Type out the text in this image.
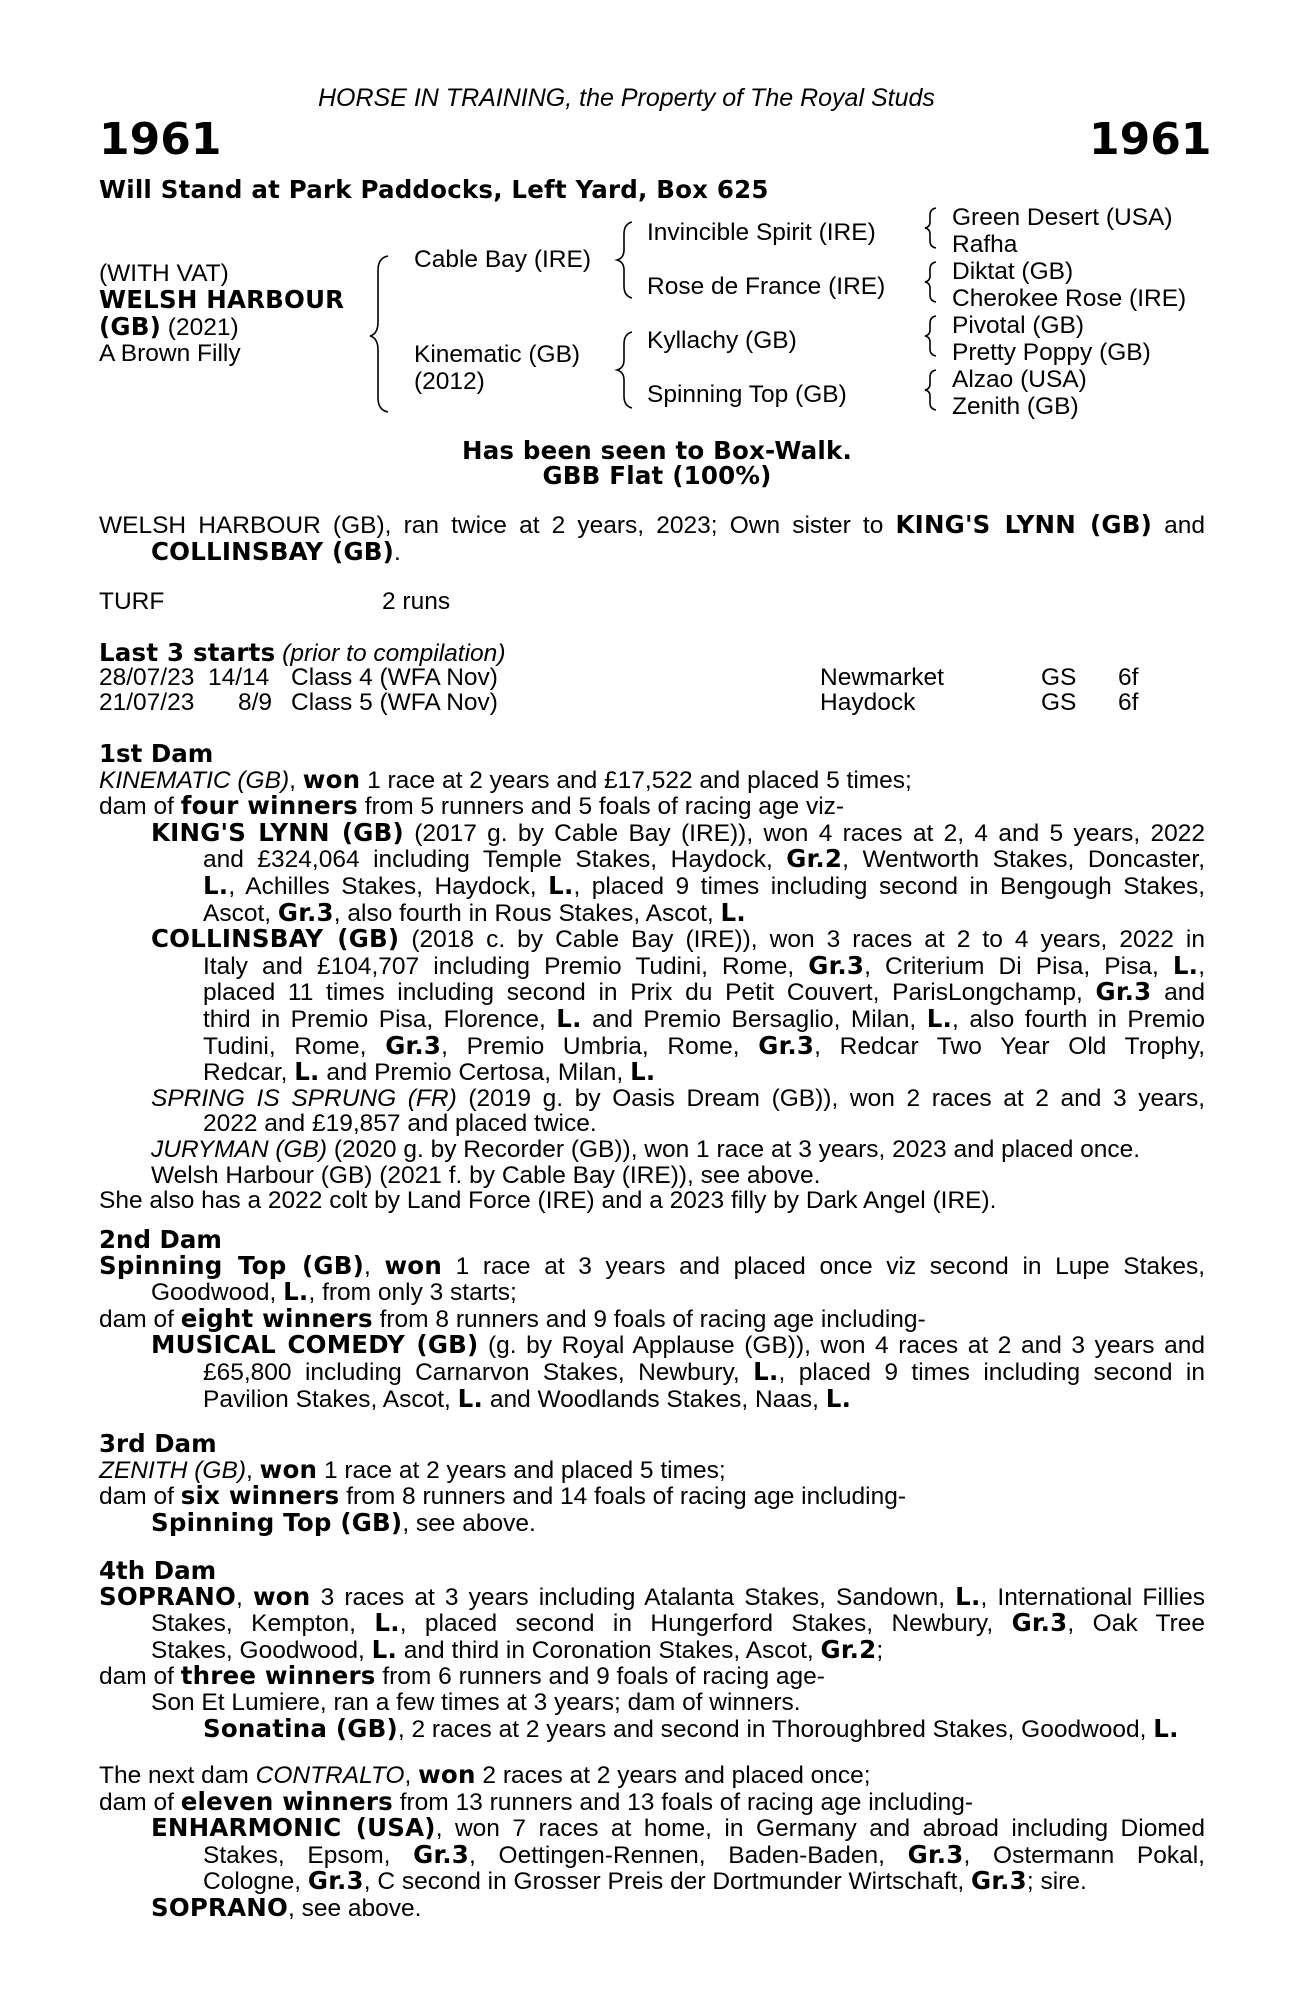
HORSE IN TRAINING, the Property of The Royal Studs
1961	1961
Will Stand at Park Paddocks, Left Yard, Box 625
(WITH VAT)
WELSH HARBOUR
(GB) (2021)
A Brown Filly
Cable Bay (IRE)
Kinematic (GB)
(2012)
Invincible Spirit (IRE)
Rose de France (IRE)
Kyllachy (GB)
Spinning Top (GB)
Green Desert (USA)
Rafha
Diktat (GB)
Cherokee Rose (IRE)
Pivotal (GB)
Pretty Poppy (GB)
Alzao (USA)
Zenith (GB)
Has been seen to Box-Walk.
GBB Flat (100%)
WELSH HARBOUR (GB), ran twice at 2 years, 2023; Own sister to KING'S LYNN (GB) and
COLLINSBAY (GB).
TURF	2 runs
Last 3 starts (prior to compilation)
28/07/23 14/14 Class 4 (WFA Nov)	Newmarket	GS 6f
21/07/23 8/9 Class 5 (WFA Nov)	Haydock	GS 6f
1st Dam
KINEMATIC (GB), won 1 race at 2 years and £17,522 and placed 5 times;
dam of four winners from 5 runners and 5 foals of racing age viz-
KING'S LYNN (GB) (2017 g. by Cable Bay (IRE)), won 4 races at 2, 4 and 5 years, 2022
and £324,064 including Temple Stakes, Haydock, Gr.2, Wentworth Stakes, Doncaster,
L., Achilles Stakes, Haydock, L., placed 9 times including second in Bengough Stakes,
Ascot, Gr.3, also fourth in Rous Stakes, Ascot, L.
COLLINSBAY (GB) (2018 c. by Cable Bay (IRE)), won 3 races at 2 to 4 years, 2022 in
Italy and £104,707 including Premio Tudini, Rome, Gr.3, Criterium Di Pisa, Pisa, L.,
placed 11 times including second in Prix du Petit Couvert, ParisLongchamp, Gr.3 and
third in Premio Pisa, Florence, L. and Premio Bersaglio, Milan, L., also fourth in Premio
Tudini, Rome, Gr.3, Premio Umbria, Rome, Gr.3, Redcar Two Year Old Trophy,
Redcar, L. and Premio Certosa, Milan, L.
SPRING IS SPRUNG (FR) (2019 g. by Oasis Dream (GB)), won 2 races at 2 and 3 years,
2022 and £19,857 and placed twice.
JURYMAN (GB) (2020 g. by Recorder (GB)), won 1 race at 3 years, 2023 and placed once.
Welsh Harbour (GB) (2021 f. by Cable Bay (IRE)), see above.
She also has a 2022 colt by Land Force (IRE) and a 2023 filly by Dark Angel (IRE).
2nd Dam
Spinning Top (GB), won 1 race at 3 years and placed once viz second in Lupe Stakes,
Goodwood, L., from only 3 starts;
dam of eight winners from 8 runners and 9 foals of racing age including-
MUSICAL COMEDY (GB) (g. by Royal Applause (GB)), won 4 races at 2 and 3 years and
£65,800 including Carnarvon Stakes, Newbury, L., placed 9 times including second in
Pavilion Stakes, Ascot, L. and Woodlands Stakes, Naas, L.
3rd Dam
ZENITH (GB), won 1 race at 2 years and placed 5 times;
dam of six winners from 8 runners and 14 foals of racing age including-
Spinning Top (GB), see above.
4th Dam
SOPRANO, won 3 races at 3 years including Atalanta Stakes, Sandown, L., International Fillies
Stakes, Kempton, L., placed second in Hungerford Stakes, Newbury, Gr.3, Oak Tree
Stakes, Goodwood, L. and third in Coronation Stakes, Ascot, Gr.2;
dam of three winners from 6 runners and 9 foals of racing age-
Son Et Lumiere, ran a few times at 3 years; dam of winners.
Sonatina (GB), 2 races at 2 years and second in Thoroughbred Stakes, Goodwood, L.
The next dam CONTRALTO, won 2 races at 2 years and placed once;
dam of eleven winners from 13 runners and 13 foals of racing age including-
ENHARMONIC (USA), won 7 races at home, in Germany and abroad including Diomed
Stakes, Epsom, Gr.3, Oettingen-Rennen, Baden-Baden, Gr.3, Ostermann Pokal,
Cologne, Gr.3, C second in Grosser Preis der Dortmunder Wirtschaft, Gr.3; sire.
SOPRANO, see above.
